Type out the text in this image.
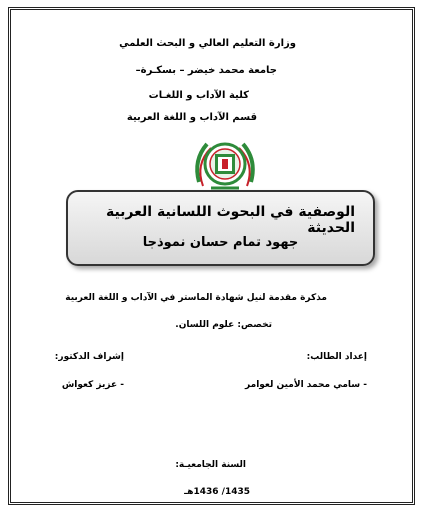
وزارة التعليم العالي و البحث العلمي
جامعة محمد خيضر – بسكـرة–
كلية الآداب و اللغـات
قسم الآداب و اللغة العربية
الوصفية في البحوث اللسانية العربية الحديثة
جهود تمام حسان نموذجا
مذكرة مقدمة لنيل شهادة الماستر في الآداب و اللغة العربية
تخصص: علوم اللسان.
إعداد الطالب:
إشراف الدكتور:
- سامي محمد الأمين لعوامر
- عزيز كعواش
السنة الجامعيـة:
1435/ 1436هـ
